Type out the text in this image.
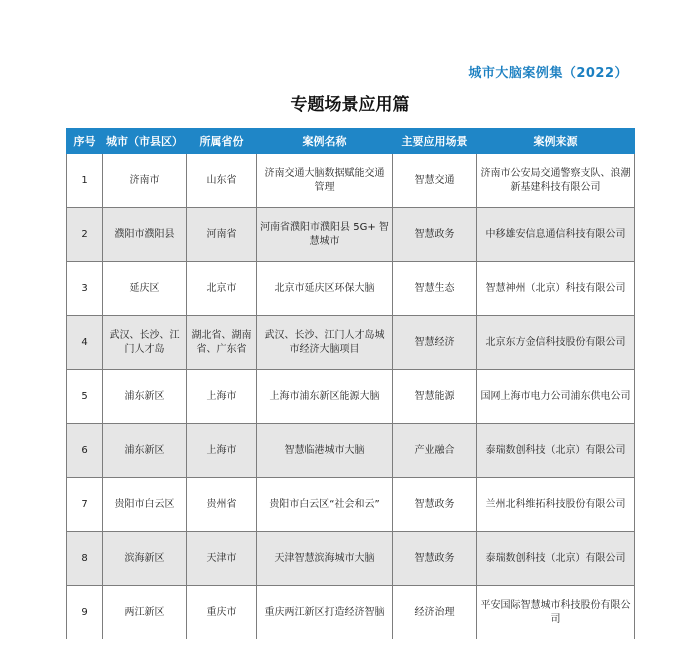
城市大脑案例集（2022）
专题场景应用篇
序号	城市（市县区）	所属省份	案例名称	主要应用场景	案例来源
1	济南市	山东省	济南交通大脑数据赋能交通管理	智慧交通	济南市公安局交通警察支队、浪潮新基建科技有限公司
2	濮阳市濮阳县	河南省	河南省濮阳市濮阳县 5G+ 智慧城市	智慧政务	中移雄安信息通信科技有限公司
3	延庆区	北京市	北京市延庆区环保大脑	智慧生态	智慧神州（北京）科技有限公司
4	武汉、长沙、江门人才岛	湖北省、湖南省、广东省	武汉、长沙、江门人才岛城市经济大脑项目	智慧经济	北京东方金信科技股份有限公司
5	浦东新区	上海市	上海市浦东新区能源大脑	智慧能源	国网上海市电力公司浦东供电公司
6	浦东新区	上海市	智慧临港城市大脑	产业融合	泰瑞数创科技（北京）有限公司
7	贵阳市白云区	贵州省	贵阳市白云区“社会和云”	智慧政务	兰州北科维拓科技股份有限公司
8	滨海新区	天津市	天津智慧滨海城市大脑	智慧政务	泰瑞数创科技（北京）有限公司
9	两江新区	重庆市	重庆两江新区打造经济智脑	经济治理	平安国际智慧城市科技股份有限公司
